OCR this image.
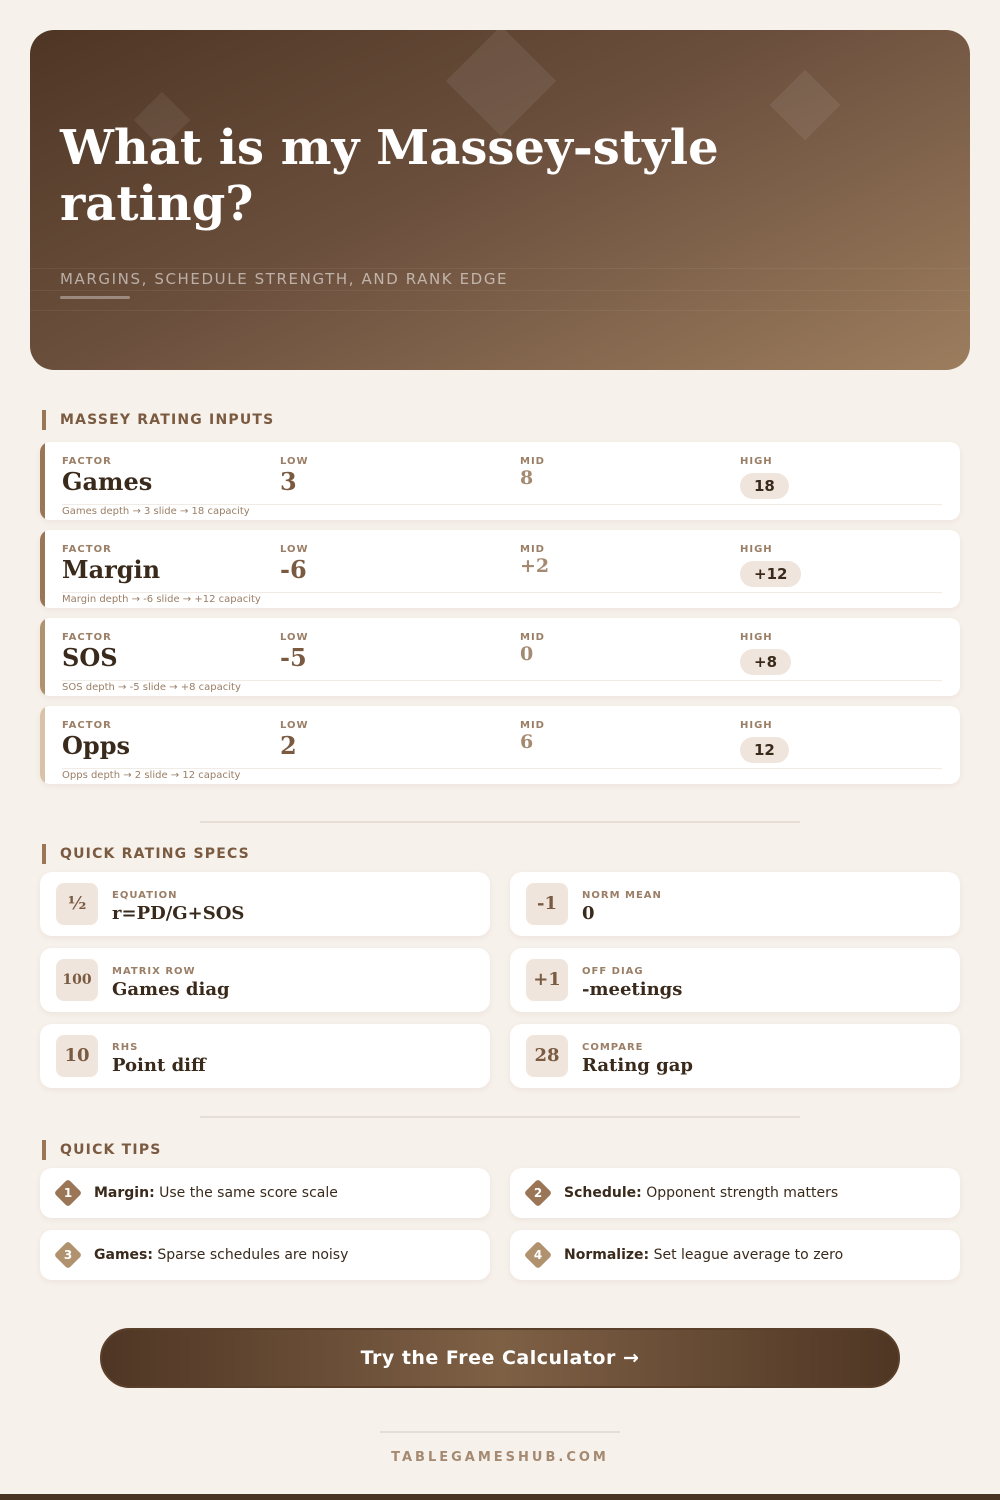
What is my Massey-style rating?
MARGINS, SCHEDULE STRENGTH, AND RANK EDGE
MASSEY RATING INPUTS
FACTOR
Games
LOW
3
MID
8
HIGH
18
Games depth → 3 slide → 18 capacity
FACTOR
Margin
LOW
-6
MID
+2
HIGH
+12
Margin depth → -6 slide → +12 capacity
FACTOR
SOS
LOW
-5
MID
0
HIGH
+8
SOS depth → -5 slide → +8 capacity
FACTOR
Opps
LOW
2
MID
6
HIGH
12
Opps depth → 2 slide → 12 capacity
QUICK RATING SPECS
½	EQUATION
r=PD/G+SOS	-1	NORM MEAN
0
100
MATRIX ROW
Games diag	+1	OFF DIAG
-meetings
10	RHS
Point diff	28	COMPARE
Rating gap
QUICK TIPS
1	Margin: Use the same score scale	2	Schedule: Opponent strength matters
3	Games: Sparse schedules are noisy	4	Normalize: Set league average to zero
Try the Free Calculator →
TABLEGAMESHUB.COM
